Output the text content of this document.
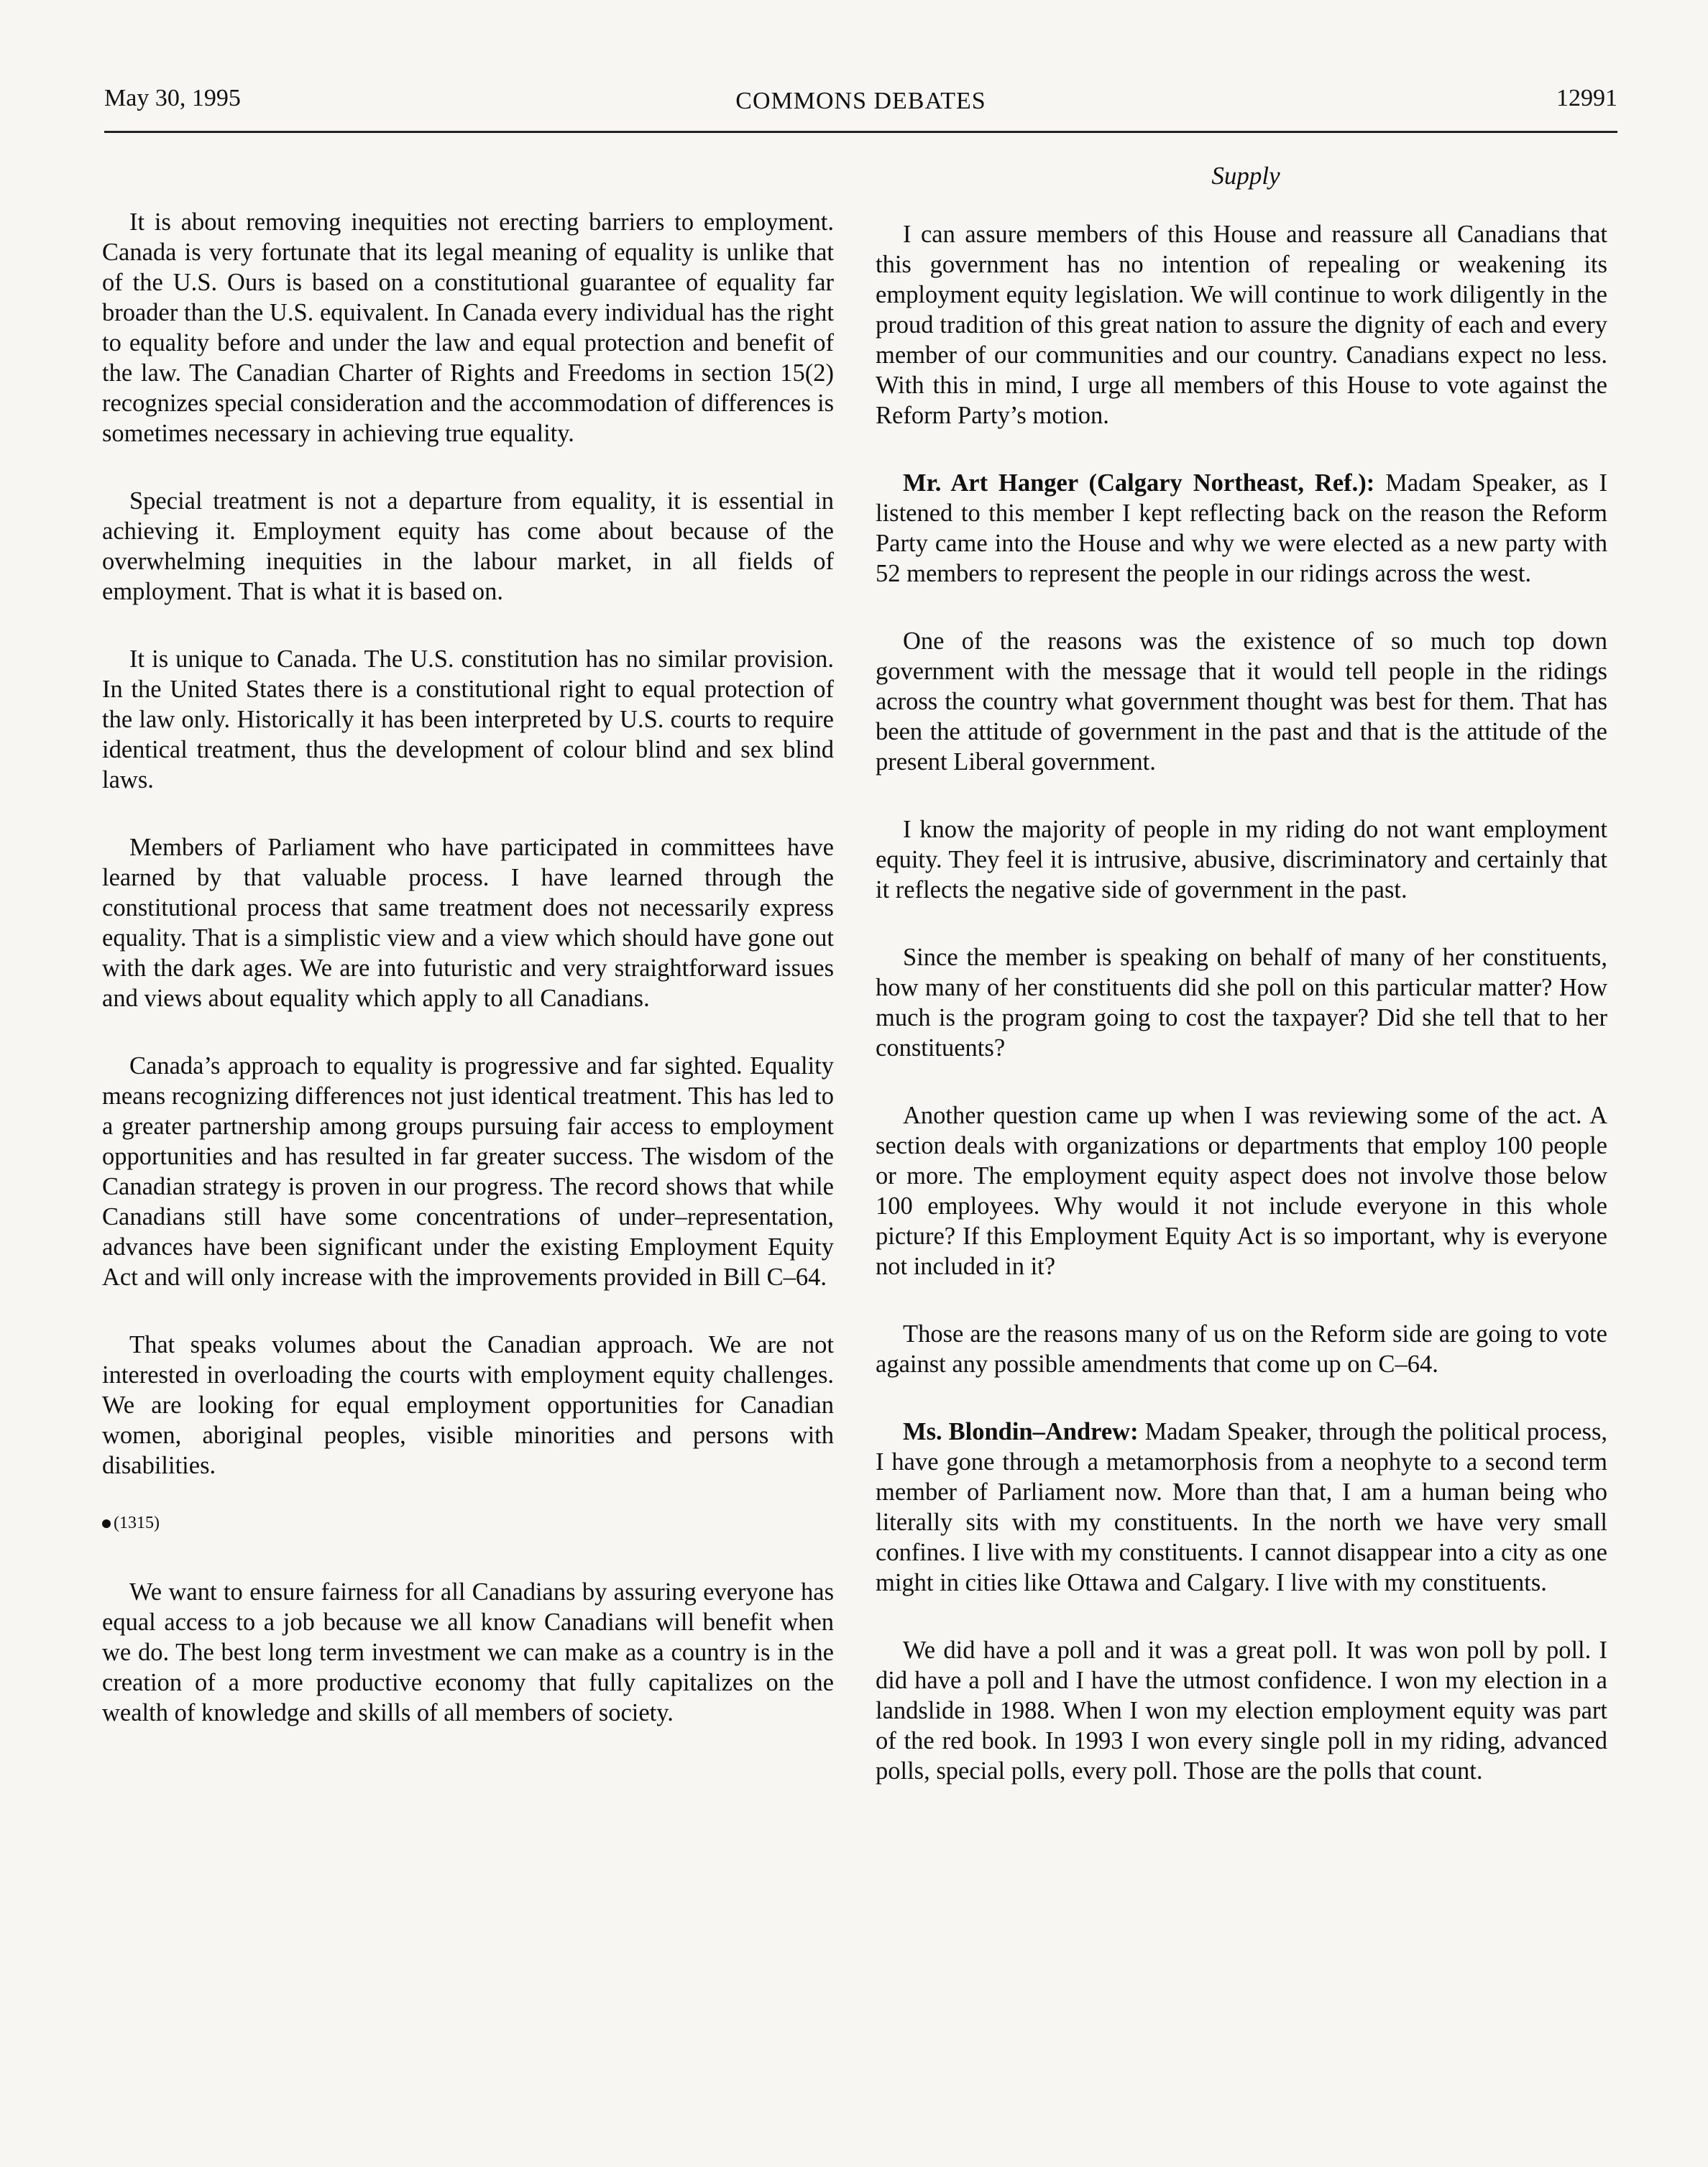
May 30, 1995	COMMONS DEBATES	12991
Supply

It is about removing inequities not erecting barriers to employment. Canada is very fortunate that its legal meaning of equality is unlike that of the U.S. Ours is based on a constitutional guarantee of equality far broader than the U.S. equivalent. In Canada every individual has the right to equality before and under the law and equal protection and benefit of the law. The Canadian Charter of Rights and Freedoms in section 15(2) recognizes special consideration and the accommodation of differences is sometimes necessary in achieving true equality.

Special treatment is not a departure from equality, it is essential in achieving it. Employment equity has come about because of the overwhelming inequities in the labour market, in all fields of employment. That is what it is based on.

It is unique to Canada. The U.S. constitution has no similar provision. In the United States there is a constitutional right to equal protection of the law only. Historically it has been interpreted by U.S. courts to require identical treatment, thus the development of colour blind and sex blind laws.

Members of Parliament who have participated in committees have learned by that valuable process. I have learned through the constitutional process that same treatment does not necessarily express equality. That is a simplistic view and a view which should have gone out with the dark ages. We are into futuristic and very straightforward issues and views about equality which apply to all Canadians.

Canada’s approach to equality is progressive and far sighted. Equality means recognizing differences not just identical treatment. This has led to a greater partnership among groups pursuing fair access to employment opportunities and has resulted in far greater success. The wisdom of the Canadian strategy is proven in our progress. The record shows that while Canadians still have some concentrations of under–representation, advances have been significant under the existing Employment Equity Act and will only increase with the improvements provided in Bill C–64.

That speaks volumes about the Canadian approach. We are not interested in overloading the courts with employment equity challenges. We are looking for equal employment opportunities for Canadian women, aboriginal peoples, visible minorities and persons with disabilities.

(1315)

We want to ensure fairness for all Canadians by assuring everyone has equal access to a job because we all know Canadians will benefit when we do. The best long term investment we can make as a country is in the creation of a more productive economy that fully capitalizes on the wealth of knowledge and skills of all members of society.

I can assure members of this House and reassure all Canadians that this government has no intention of repealing or weakening its employment equity legislation. We will continue to work diligently in the proud tradition of this great nation to assure the dignity of each and every member of our communities and our country. Canadians expect no less. With this in mind, I urge all members of this House to vote against the Reform Party’s motion.

Mr. Art Hanger (Calgary Northeast, Ref.): Madam Speaker, as I listened to this member I kept reflecting back on the reason the Reform Party came into the House and why we were elected as a new party with 52 members to represent the people in our ridings across the west.

One of the reasons was the existence of so much top down government with the message that it would tell people in the ridings across the country what government thought was best for them. That has been the attitude of government in the past and that is the attitude of the present Liberal government.

I know the majority of people in my riding do not want employment equity. They feel it is intrusive, abusive, discriminatory and certainly that it reflects the negative side of government in the past.

Since the member is speaking on behalf of many of her constituents, how many of her constituents did she poll on this particular matter? How much is the program going to cost the taxpayer? Did she tell that to her constituents?

Another question came up when I was reviewing some of the act. A section deals with organizations or departments that employ 100 people or more. The employment equity aspect does not involve those below 100 employees. Why would it not include everyone in this whole picture? If this Employment Equity Act is so important, why is everyone not included in it?

Those are the reasons many of us on the Reform side are going to vote against any possible amendments that come up on C–64.

Ms. Blondin–Andrew: Madam Speaker, through the political process, I have gone through a metamorphosis from a neophyte to a second term member of Parliament now. More than that, I am a human being who literally sits with my constituents. In the north we have very small confines. I live with my constituents. I cannot disappear into a city as one might in cities like Ottawa and Calgary. I live with my constituents.

We did have a poll and it was a great poll. It was won poll by poll. I did have a poll and I have the utmost confidence. I won my election in a landslide in 1988. When I won my election employment equity was part of the red book. In 1993 I won every single poll in my riding, advanced polls, special polls, every poll. Those are the polls that count.
